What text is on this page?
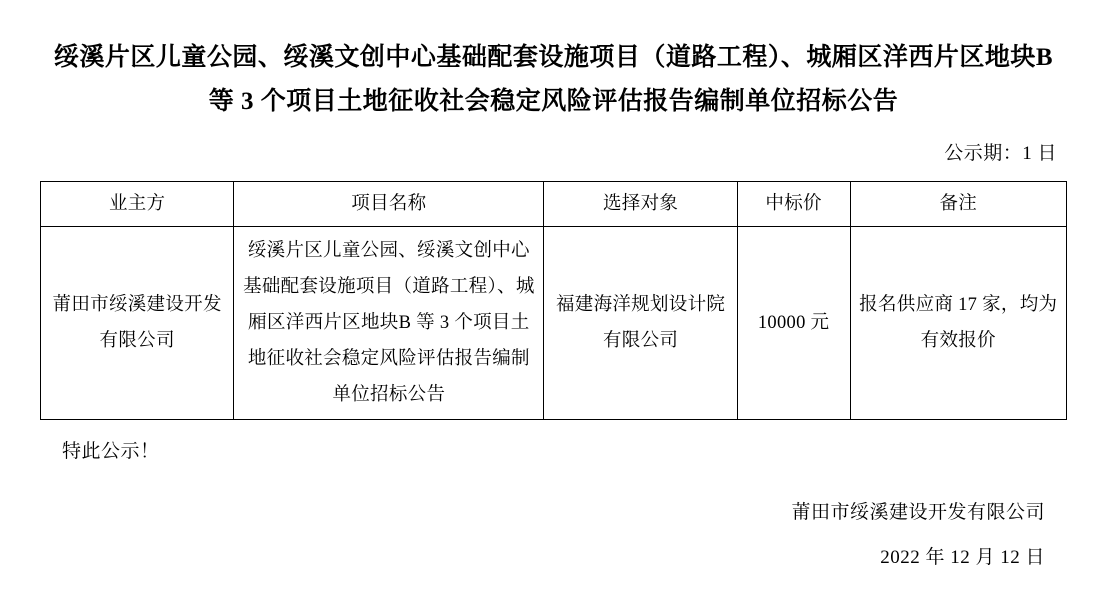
绥溪片区儿童公园、绥溪文创中心基础配套设施项目（道路工程）、城厢区洋西片区地块B 等 3 个项目土地征收社会稳定风险评估报告编制单位招标公告
公示期：1 日
业主方	项目名称	选择对象	中标价	备注
莆田市绥溪建设开发有限公司	绥溪片区儿童公园、绥溪文创中心基础配套设施项目（道路工程）、城厢区洋西片区地块B 等 3 个项目土地征收社会稳定风险评估报告编制单位招标公告	福建海洋规划设计院有限公司	10000 元	报名供应商 17 家，均为有效报价
特此公示！
莆田市绥溪建设开发有限公司
2022 年 12 月 12 日
